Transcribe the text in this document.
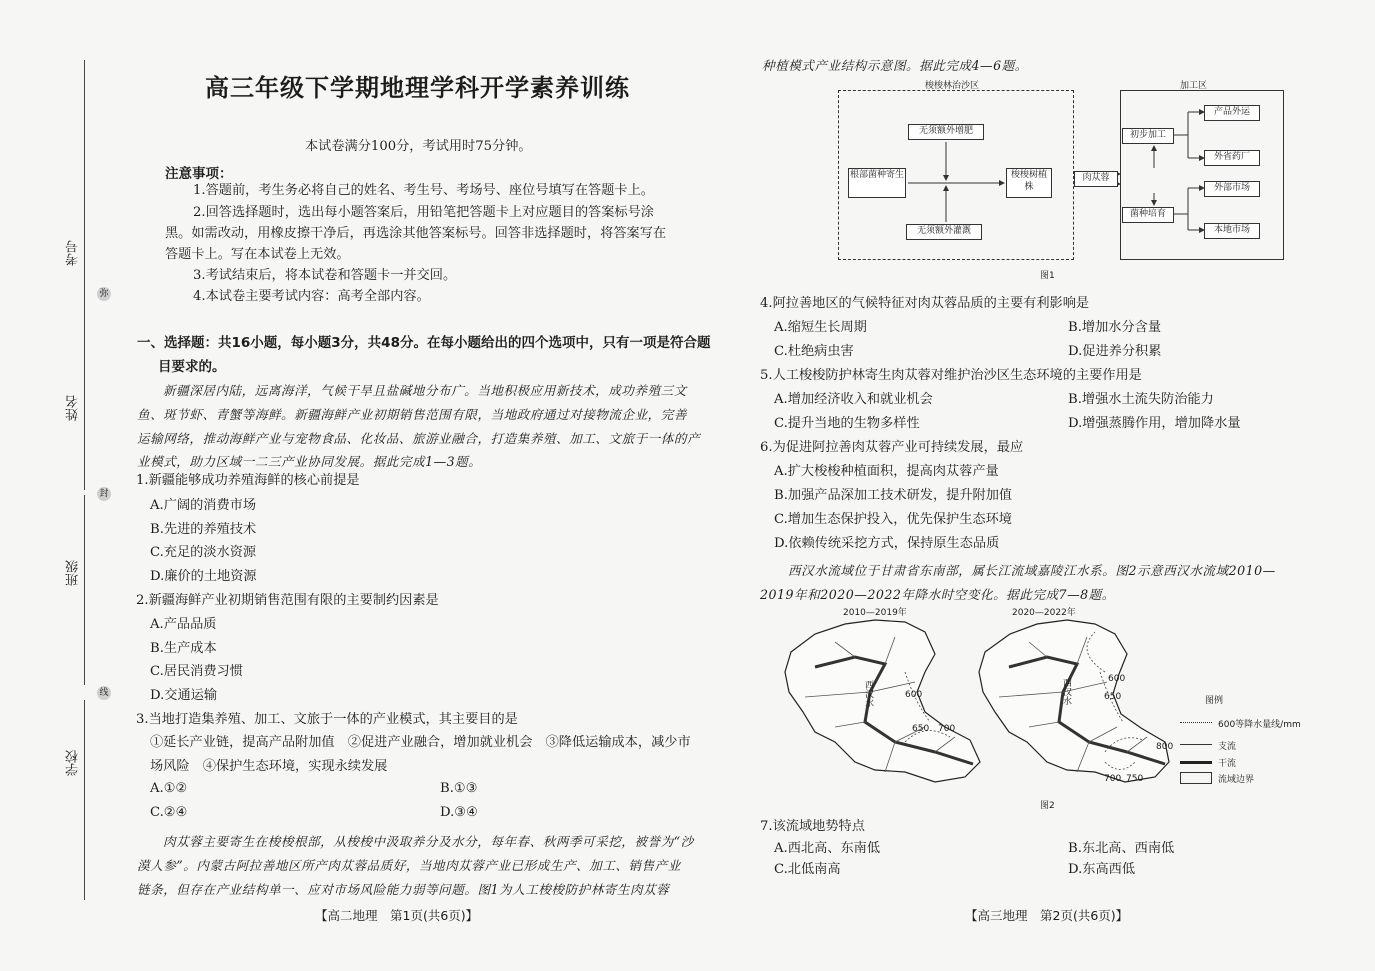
考号
姓名
班级
学校
弥
封
线
高三年级下学期地理学科开学素养训练
本试卷满分100分，考试用时75分钟。
注意事项：
1.答题前，考生务必将自己的姓名、考生号、考场号、座位号填写在答题卡上。
2.回答选择题时，选出每小题答案后，用铅笔把答题卡上对应题目的答案标号涂
黑。如需改动，用橡皮擦干净后，再选涂其他答案标号。回答非选择题时，将答案写在
答题卡上。写在本试卷上无效。
3.考试结束后，将本试卷和答题卡一并交回。
4.本试卷主要考试内容：高考全部内容。
一、选择题：共16小题，每小题3分，共48分。在每小题给出的四个选项中，只有一项是符合题
目要求的。
新疆深居内陆，远离海洋，气候干旱且盐碱地分布广。当地积极应用新技术，成功养殖三文
鱼、斑节虾、青蟹等海鲜。新疆海鲜产业初期销售范围有限，当地政府通过对接物流企业，完善
运输网络，推动海鲜产业与宠物食品、化妆品、旅游业融合，打造集养殖、加工、文旅于一体的产
业模式，助力区域一二三产业协同发展。据此完成1—3题。
1.新疆能够成功养殖海鲜的核心前提是
A.广阔的消费市场
B.先进的养殖技术
C.充足的淡水资源
D.廉价的土地资源
2.新疆海鲜产业初期销售范围有限的主要制约因素是
A.产品品质
B.生产成本
C.居民消费习惯
D.交通运输
3.当地打造集养殖、加工、文旅于一体的产业模式，其主要目的是
①延长产业链，提高产品附加值　②促进产业融合，增加就业机会　③降低运输成本，减少市
场风险　④保护生态环境，实现永续发展
A.①②	B.①③
C.②④	D.③④
肉苁蓉主要寄生在梭梭根部，从梭梭中汲取养分及水分，每年春、秋两季可采挖，被誉为“沙
漠人参”。内蒙古阿拉善地区所产肉苁蓉品质好，当地肉苁蓉产业已形成生产、加工、销售产业
链条，但存在产业结构单一、应对市场风险能力弱等问题。图1为人工梭梭防护林寄生肉苁蓉
【高二地理　第1页(共6页)】
种植模式产业结构示意图。据此完成4—6题。
梭梭林治沙区	加工区
无须额外增肥
根部菌种寄生	梭梭树植株
无须额外灌溉
肉苁蓉
初步加工
产品外运
外省药厂
菌种培育
外部市场
本地市场
图1
4.阿拉善地区的气候特征对肉苁蓉品质的主要有利影响是
A.缩短生长周期	B.增加水分含量
C.杜绝病虫害	D.促进养分积累
5.人工梭梭防护林寄生肉苁蓉对维护治沙区生态环境的主要作用是
A.增加经济收入和就业机会	B.增强水土流失防治能力
C.提升当地的生物多样性	D.增强蒸腾作用，增加降水量
6.为促进阿拉善肉苁蓉产业可持续发展，最应
A.扩大梭梭种植面积，提高肉苁蓉产量
B.加强产品深加工技术研发，提升附加值
C.增加生态保护投入，优先保护生态环境
D.依赖传统采挖方式，保持原生态品质
西汉水流域位于甘肃省东南部，属长江流域嘉陵江水系。图2示意西汉水流域2010—
2019年和2020—2022年降水时空变化。据此完成7—8题。
2010—2019年	2020—2022年
西汉水	西汉水
600
650 700
600
650
700 750
800
图例
600等降水量线/mm
支流
干流
流域边界
图2
7.该流域地势特点
A.西北高、东南低	B.东北高、西南低
C.北低南高	D.东高西低
【高三地理　第2页(共6页)】
